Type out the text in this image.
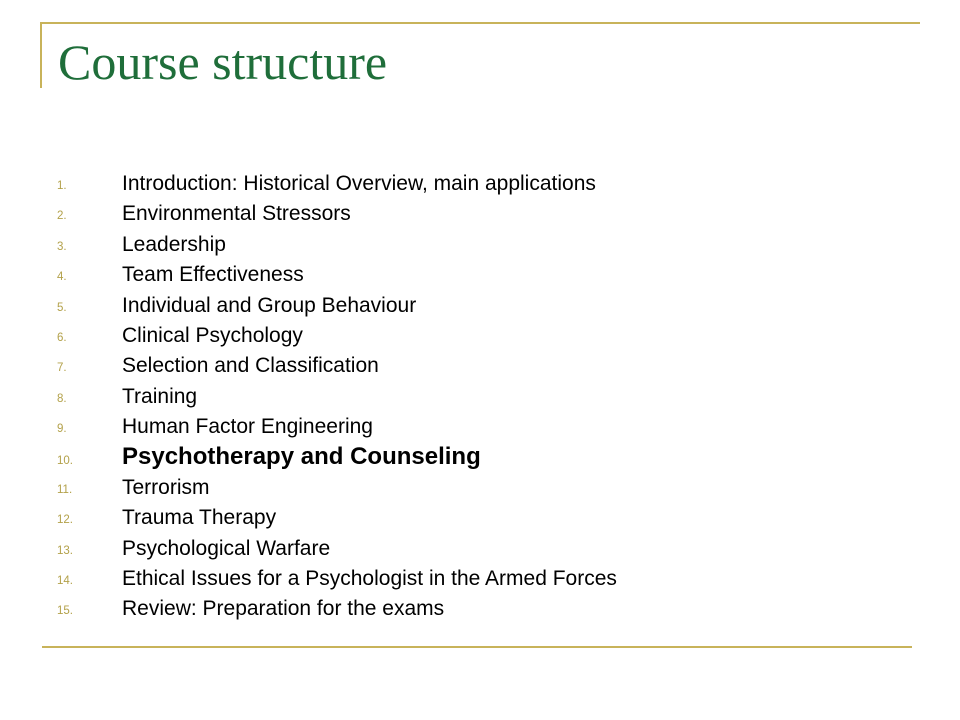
Course structure
1.	Introduction: Historical Overview, main applications
2.	Environmental Stressors
3.	Leadership
4.	Team Effectiveness
5.	Individual and Group Behaviour
6.	Clinical Psychology
7.	Selection and Classification
8.	Training
9.	Human Factor Engineering
10. Psychotherapy and Counseling
11. Terrorism
12. Trauma Therapy
13. Psychological Warfare
14. Ethical Issues for a Psychologist in the Armed Forces
15. Review: Preparation for the exams
